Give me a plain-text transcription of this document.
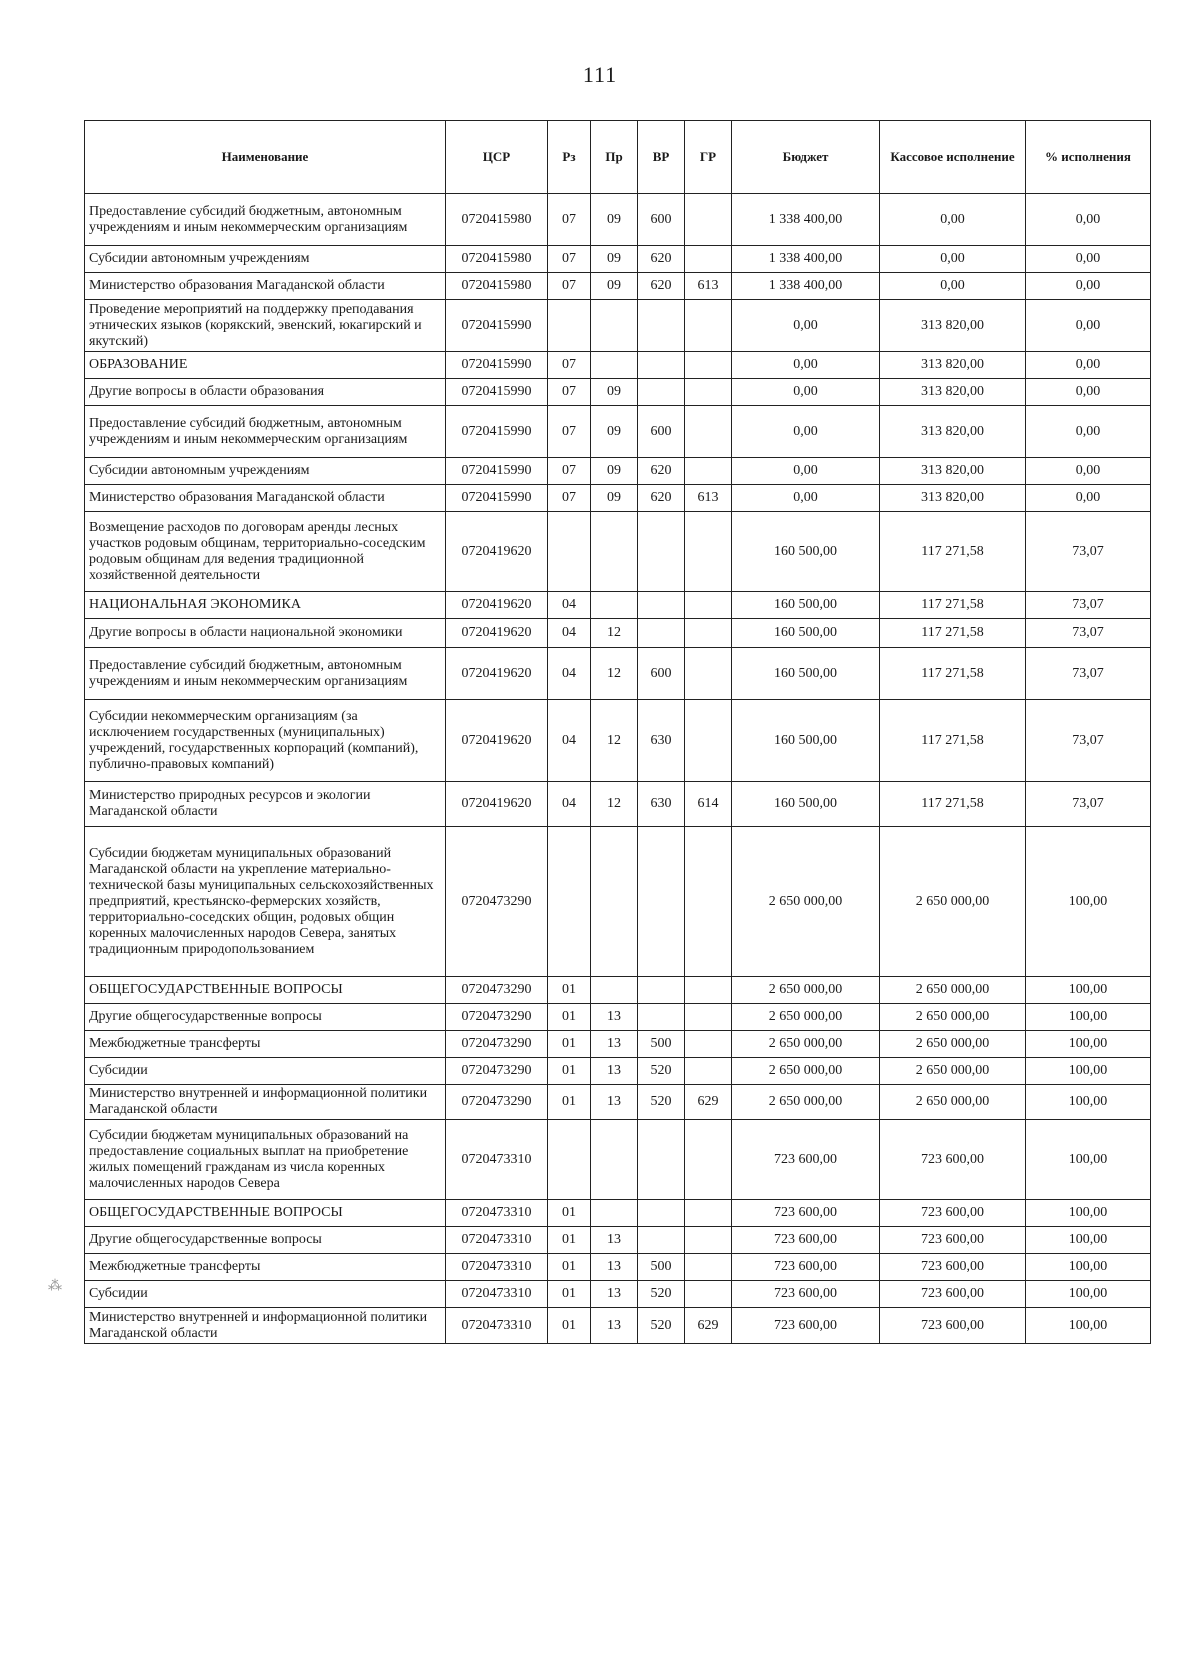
111
Наименование	ЦСР	Рз	Пр	ВР	ГР	Бюджет	Кассовое исполнение	% исполнения
Предоставление субсидий бюджетным, автономным учреждениям и иным некоммерческим организациям	0720415980	07	09	600		1 338 400,00	0,00	0,00
Субсидии автономным учреждениям	0720415980	07	09	620		1 338 400,00	0,00	0,00
Министерство образования Магаданской области	0720415980	07	09	620	613	1 338 400,00	0,00	0,00
Проведение мероприятий на поддержку преподавания этнических языков (корякский, эвенский, юкагирский и якутский)	0720415990					0,00	313 820,00	0,00
ОБРАЗОВАНИЕ	0720415990	07				0,00	313 820,00	0,00
Другие вопросы в области образования	0720415990	07	09			0,00	313 820,00	0,00
Предоставление субсидий бюджетным, автономным учреждениям и иным некоммерческим организациям	0720415990	07	09	600		0,00	313 820,00	0,00
Субсидии автономным учреждениям	0720415990	07	09	620		0,00	313 820,00	0,00
Министерство образования Магаданской области	0720415990	07	09	620	613	0,00	313 820,00	0,00
Возмещение расходов по договорам аренды лесных участков родовым общинам, территориально-соседским родовым общинам для ведения традиционной хозяйственной деятельности	0720419620					160 500,00	117 271,58	73,07
НАЦИОНАЛЬНАЯ ЭКОНОМИКА	0720419620	04				160 500,00	117 271,58	73,07
Другие вопросы в области национальной экономики	0720419620	04	12			160 500,00	117 271,58	73,07
Предоставление субсидий бюджетным, автономным учреждениям и иным некоммерческим организациям	0720419620	04	12	600		160 500,00	117 271,58	73,07
Субсидии некоммерческим организациям (за исключением государственных (муниципальных) учреждений, государственных корпораций (компаний), публично-правовых компаний)	0720419620	04	12	630		160 500,00	117 271,58	73,07
Министерство природных ресурсов и экологии Магаданской области	0720419620	04	12	630	614	160 500,00	117 271,58	73,07
Субсидии бюджетам муниципальных образований Магаданской области на укрепление материально-технической базы муниципальных сельскохозяйственных предприятий, крестьянско-фермерских хозяйств, территориально-соседских общин, родовых общин коренных малочисленных народов Севера, занятых традиционным природопользованием	0720473290					2 650 000,00	2 650 000,00	100,00
ОБЩЕГОСУДАРСТВЕННЫЕ ВОПРОСЫ	0720473290	01				2 650 000,00	2 650 000,00	100,00
Другие общегосударственные вопросы	0720473290	01	13			2 650 000,00	2 650 000,00	100,00
Межбюджетные трансферты	0720473290	01	13	500		2 650 000,00	2 650 000,00	100,00
Субсидии	0720473290	01	13	520		2 650 000,00	2 650 000,00	100,00
Министерство внутренней и информационной политики Магаданской области	0720473290	01	13	520	629	2 650 000,00	2 650 000,00	100,00
Субсидии бюджетам муниципальных образований на предоставление социальных выплат на приобретение жилых помещений гражданам из числа коренных малочисленных народов Севера	0720473310					723 600,00	723 600,00	100,00
ОБЩЕГОСУДАРСТВЕННЫЕ ВОПРОСЫ	0720473310	01				723 600,00	723 600,00	100,00
Другие общегосударственные вопросы	0720473310	01	13			723 600,00	723 600,00	100,00
Межбюджетные трансферты	0720473310	01	13	500		723 600,00	723 600,00	100,00
Субсидии	0720473310	01	13	520		723 600,00	723 600,00	100,00
Министерство внутренней и информационной политики Магаданской области	0720473310	01	13	520	629	723 600,00	723 600,00	100,00
⁂
